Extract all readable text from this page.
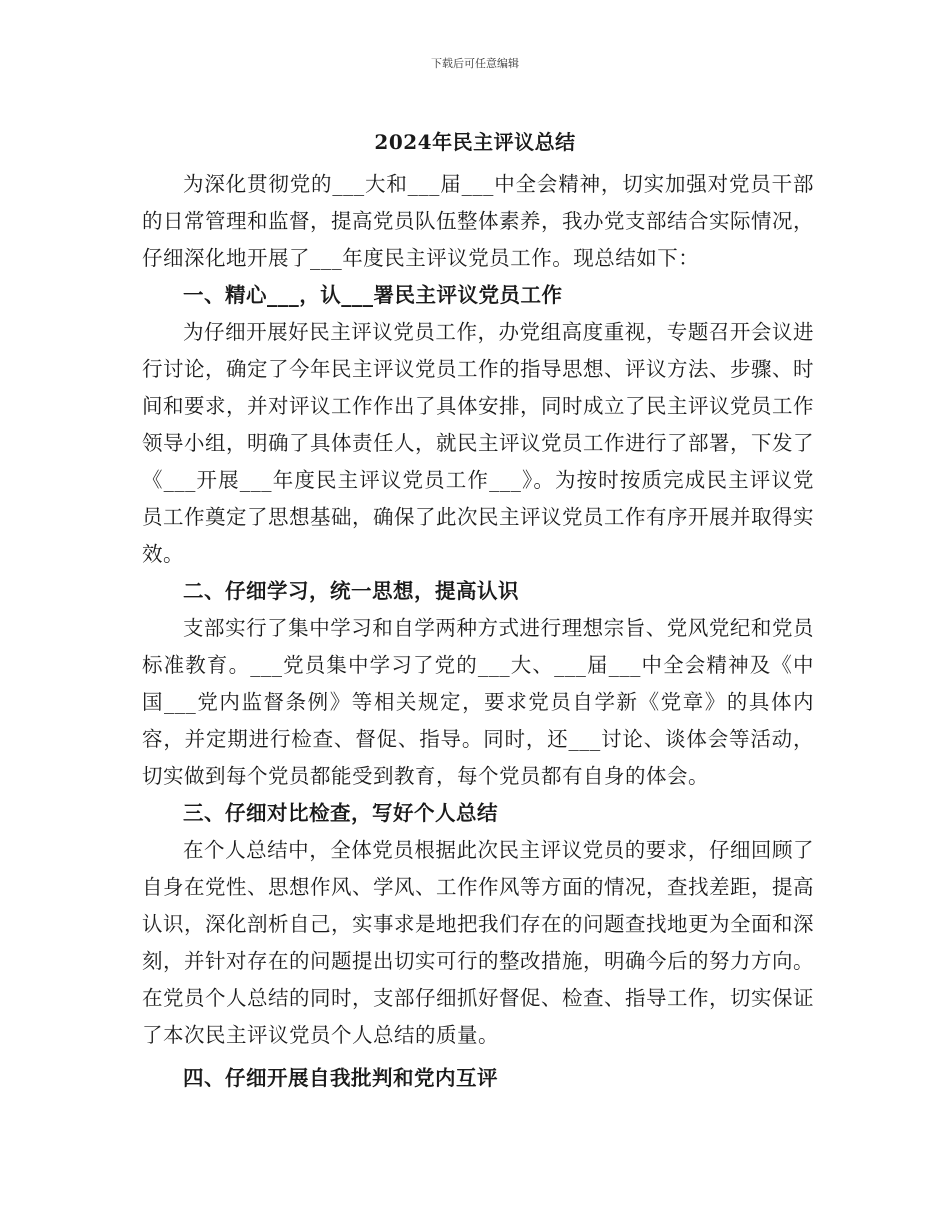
下载后可任意编辑
2024年民主评议总结

为深化贯彻党的___大和___届___中全会精神，切实加强对党员干部的日常管理和监督，提高党员队伍整体素养，我办党支部结合实际情况，仔细深化地开展了___年度民主评议党员工作。现总结如下：

一、精心___，认___署民主评议党员工作

为仔细开展好民主评议党员工作，办党组高度重视，专题召开会议进行讨论，确定了今年民主评议党员工作的指导思想、评议方法、步骤、时间和要求，并对评议工作作出了具体安排，同时成立了民主评议党员工作领导小组，明确了具体责任人，就民主评议党员工作进行了部署，下发了《___开展___年度民主评议党员工作___》。为按时按质完成民主评议党员工作奠定了思想基础，确保了此次民主评议党员工作有序开展并取得实效。

二、仔细学习，统一思想，提高认识

支部实行了集中学习和自学两种方式进行理想宗旨、党风党纪和党员标准教育。___党员集中学习了党的___大、___届___中全会精神及《中国___党内监督条例》等相关规定，要求党员自学新《党章》的具体内容，并定期进行检查、督促、指导。同时，还___讨论、谈体会等活动，切实做到每个党员都能受到教育，每个党员都有自身的体会。

三、仔细对比检查，写好个人总结

在个人总结中，全体党员根据此次民主评议党员的要求，仔细回顾了自身在党性、思想作风、学风、工作作风等方面的情况，查找差距，提高认识，深化剖析自己，实事求是地把我们存在的问题查找地更为全面和深刻，并针对存在的问题提出切实可行的整改措施，明确今后的努力方向。在党员个人总结的同时，支部仔细抓好督促、检查、指导工作，切实保证了本次民主评议党员个人总结的质量。

四、仔细开展自我批判和党内互评
